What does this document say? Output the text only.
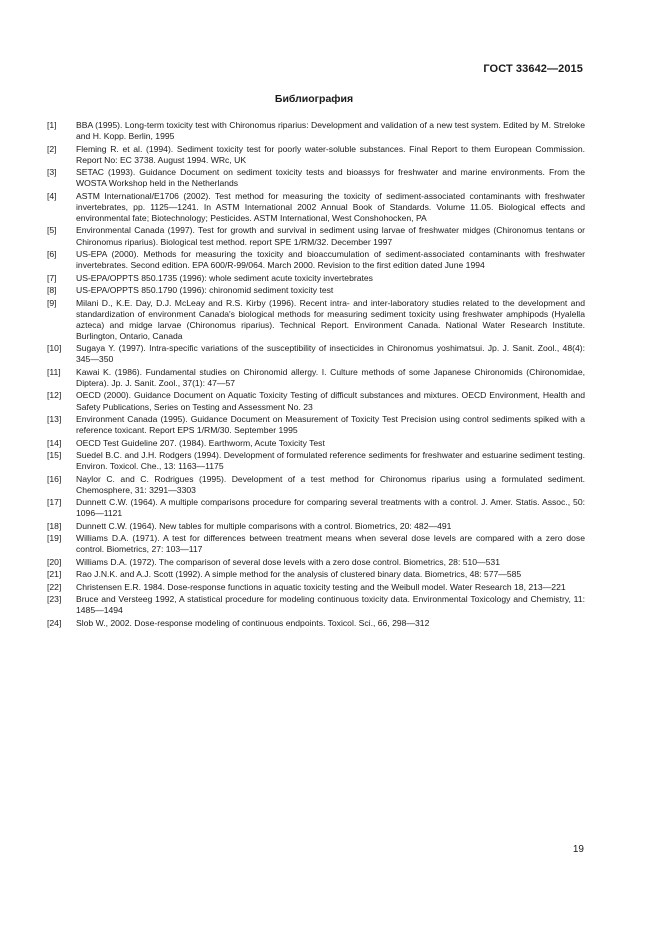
ГОСТ 33642—2015
Библиография
[1]	BBA (1995). Long-term toxicity test with Chironomus riparius: Development and validation of a new test system. Edited by M. Streloke and H. Kopp. Berlin, 1995
[2]	Fleming R. et al. (1994). Sediment toxicity test for poorly water-soluble substances. Final Report to them European Commission. Report No: EC 3738. August 1994. WRc, UK
[3]	SETAC (1993). Guidance Document on sediment toxicity tests and bioassys for freshwater and marine environments. From the WOSTA Workshop held in the Netherlands
[4]	ASTM International/E1706 (2002). Test method for measuring the toxicity of sediment-associated contaminants with freshwater invertebrates, pp. 1125—1241. In ASTM International 2002 Annual Book of Standards. Volume 11.05. Biological effects and environmental fate; Biotechnology; Pesticides. ASTM International, West Conshohocken, PA
[5]	Environmental Canada (1997). Test for growth and survival in sediment using larvae of freshwater midges (Chironomus tentans or Chironomus riparius). Biological test method. report SPE 1/RM/32. December 1997
[6]	US-EPA (2000). Methods for measuring the toxicity and bioaccumulation of sediment-associated contaminants with freshwater invertebrates. Second edition. EPA 600/R-99/064. March 2000. Revision to the first edition dated June 1994
[7]	US-EPA/OPPTS 850.1735 (1996): whole sediment acute toxicity invertebrates
[8]	US-EPA/OPPTS 850.1790 (1996): chironomid sediment toxicity test
[9]	Milani D., K.E. Day, D.J. McLeay and R.S. Kirby (1996). Recent intra- and inter-laboratory studies related to the development and standardization of environment Canada's biological methods for measuring sediment toxicity using freshwater amphipods (Hyalella azteca) and midge larvae (Chironomus riparius). Technical Report. Environment Canada. National Water Research Institute. Burlington, Ontario, Canada
[10]	Sugaya Y. (1997). Intra-specific variations of the susceptibility of insecticides in Chironomus yoshimatsui. Jp. J. Sanit. Zool., 48(4): 345—350
[11]	Kawai K. (1986). Fundamental studies on Chironomid allergy. I. Culture methods of some Japanese Chironomids (Chironomidae, Diptera). Jp. J. Sanit. Zool., 37(1): 47—57
[12]	OECD (2000). Guidance Document on Aquatic Toxicity Testing of difficult substances and mixtures. OECD Environment, Health and Safety Publications, Series on Testing and Assessment No. 23
[13]	Environment Canada (1995). Guidance Document on Measurement of Toxicity Test Precision using control sediments spiked with a reference toxicant. Report EPS 1/RM/30. September 1995
[14]	OECD Test Guideline 207. (1984). Earthworm, Acute Toxicity Test
[15]	Suedel B.C. and J.H. Rodgers (1994). Development of formulated reference sediments for freshwater and estuarine sediment testing. Environ. Toxicol. Che., 13: 1163—1175
[16]	Naylor C. and C. Rodrigues (1995). Development of a test method for Chironomus riparius using a formulated sediment. Chemosphere, 31: 3291—3303
[17]	Dunnett C.W. (1964). A multiple comparisons procedure for comparing several treatments with a control. J. Amer. Statis. Assoc., 50: 1096—1121
[18]	Dunnett C.W. (1964). New tables for multiple comparisons with a control. Biometrics, 20: 482—491
[19]	Williams D.A. (1971). A test for differences between treatment means when several dose levels are compared with a zero dose control. Biometrics, 27: 103—117
[20]	Williams D.A. (1972). The comparison of several dose levels with a zero dose control. Biometrics, 28: 510—531
[21]	Rao J.N.K. and A.J. Scott (1992). A simple method for the analysis of clustered binary data. Biometrics, 48: 577—585
[22]	Christensen E.R. 1984. Dose-response functions in aquatic toxicity testing and the Weibull model. Water Research 18, 213—221
[23]	Bruce and Versteeg 1992, A statistical procedure for modeling continuous toxicity data. Environmental Toxicology and Chemistry, 11: 1485—1494
[24]	Slob W., 2002. Dose-response modeling of continuous endpoints. Toxicol. Sci., 66, 298—312
19
